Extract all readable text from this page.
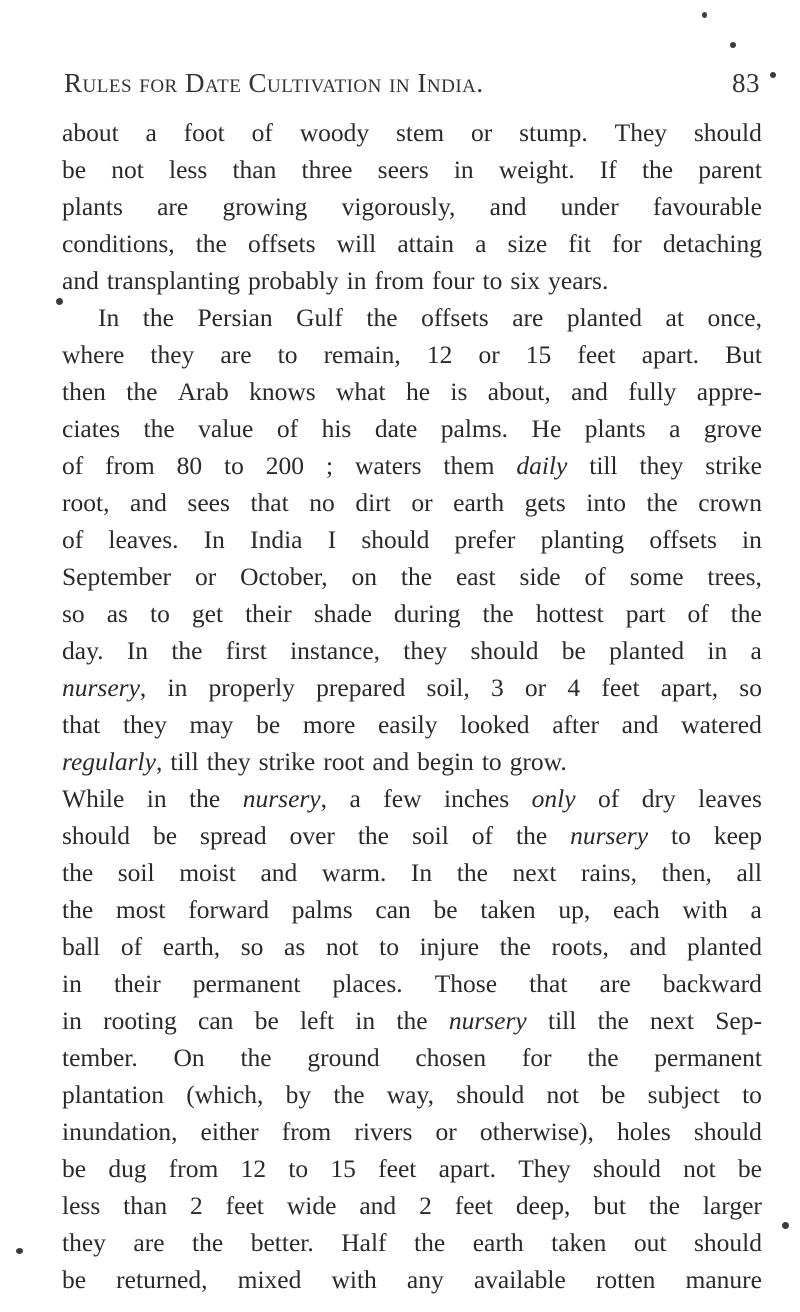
Rules for Date Cultivation in India.	83
about a foot of woody stem or stump. They should
be not less than three seers in weight. If the parent
plants are growing vigorously, and under favourable
conditions, the offsets will attain a size fit for detaching
and transplanting probably in from four to six years.
In the Persian Gulf the offsets are planted at once,
where they are to remain, 12 or 15 feet apart. But
then the Arab knows what he is about, and fully appre-
ciates the value of his date palms. He plants a grove
of from 80 to 200 ; waters them daily till they strike
root, and sees that no dirt or earth gets into the crown
of leaves. In India I should prefer planting offsets in
September or October, on the east side of some trees,
so as to get their shade during the hottest part of the
day. In the first instance, they should be planted in a
nursery, in properly prepared soil, 3 or 4 feet apart, so
that they may be more easily looked after and watered
regularly, till they strike root and begin to grow.
While in the nursery, a few inches only of dry leaves
should be spread over the soil of the nursery to keep
the soil moist and warm. In the next rains, then, all
the most forward palms can be taken up, each with a
ball of earth, so as not to injure the roots, and planted
in their permanent places. Those that are backward
in rooting can be left in the nursery till the next Sep-
tember. On the ground chosen for the permanent
plantation (which, by the way, should not be subject to
inundation, either from rivers or otherwise), holes should
be dug from 12 to 15 feet apart. They should not be
less than 2 feet wide and 2 feet deep, but the larger
they are the better. Half the earth taken out should
be returned, mixed with any available rotten manure
